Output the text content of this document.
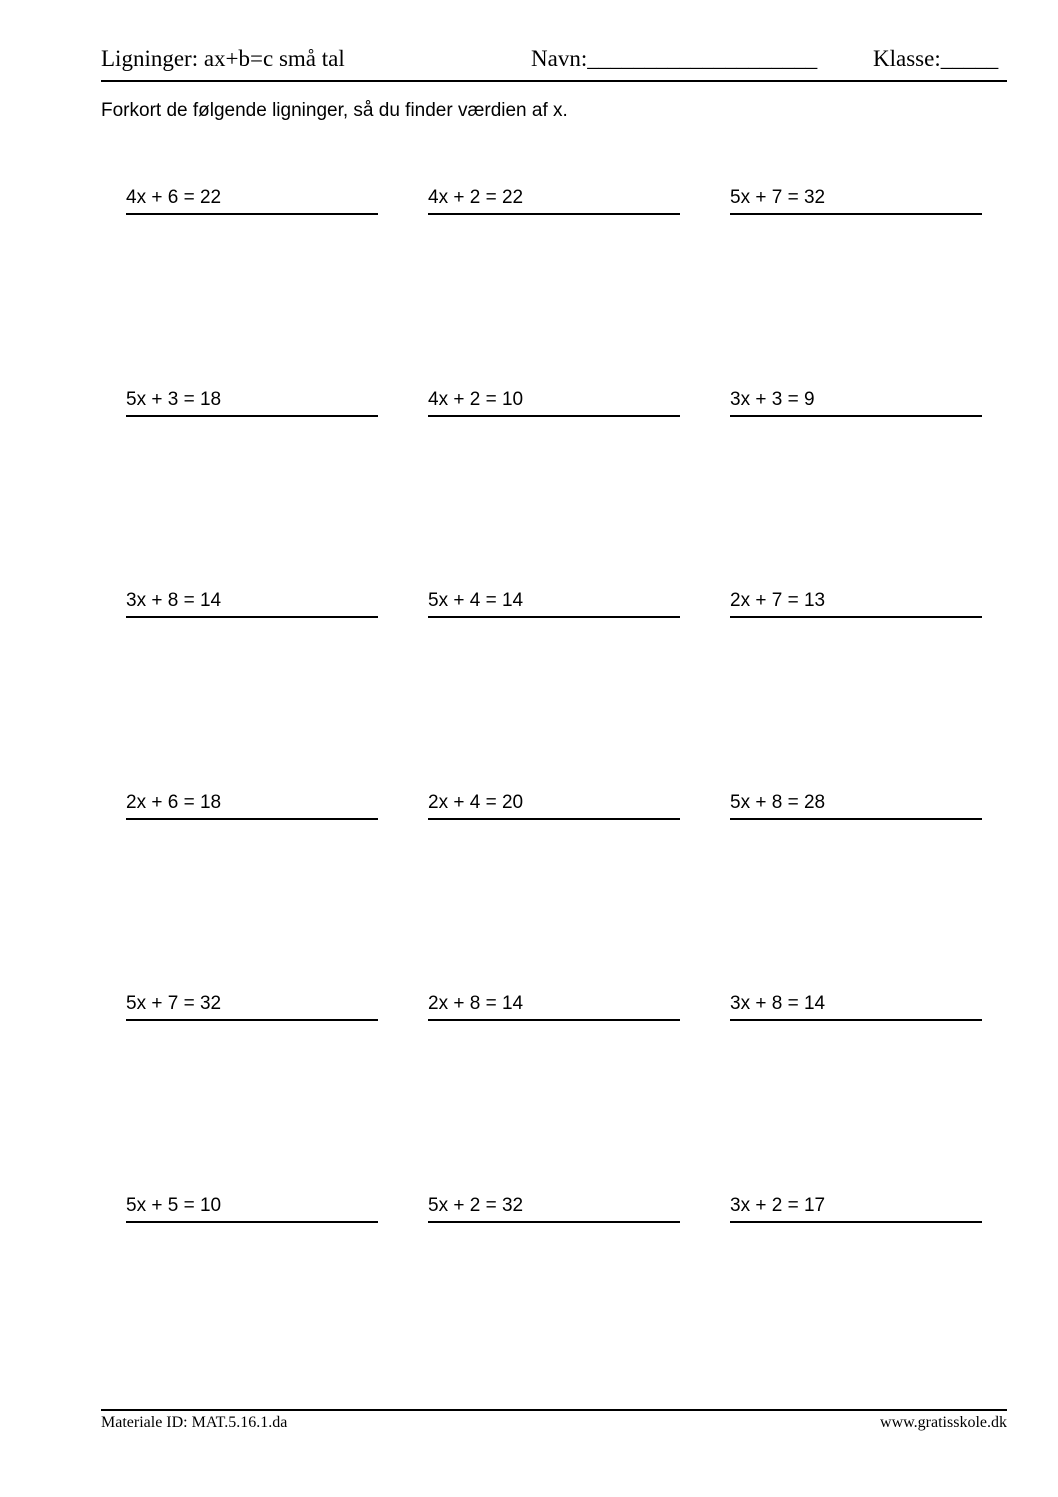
Ligninger: ax+b=c små tal	Navn:____________________ Klasse:_____
Forkort de følgende ligninger, så du finder værdien af x.
4x + 6 = 22	4x + 2 = 22	5x + 7 = 32
5x + 3 = 18	4x + 2 = 10	3x + 3 = 9
3x + 8 = 14	5x + 4 = 14	2x + 7 = 13
2x + 6 = 18	2x + 4 = 20	5x + 8 = 28
5x + 7 = 32	2x + 8 = 14	3x + 8 = 14
5x + 5 = 10	5x + 2 = 32	3x + 2 = 17
Materiale ID: MAT.5.16.1.da	www.gratisskole.dk
